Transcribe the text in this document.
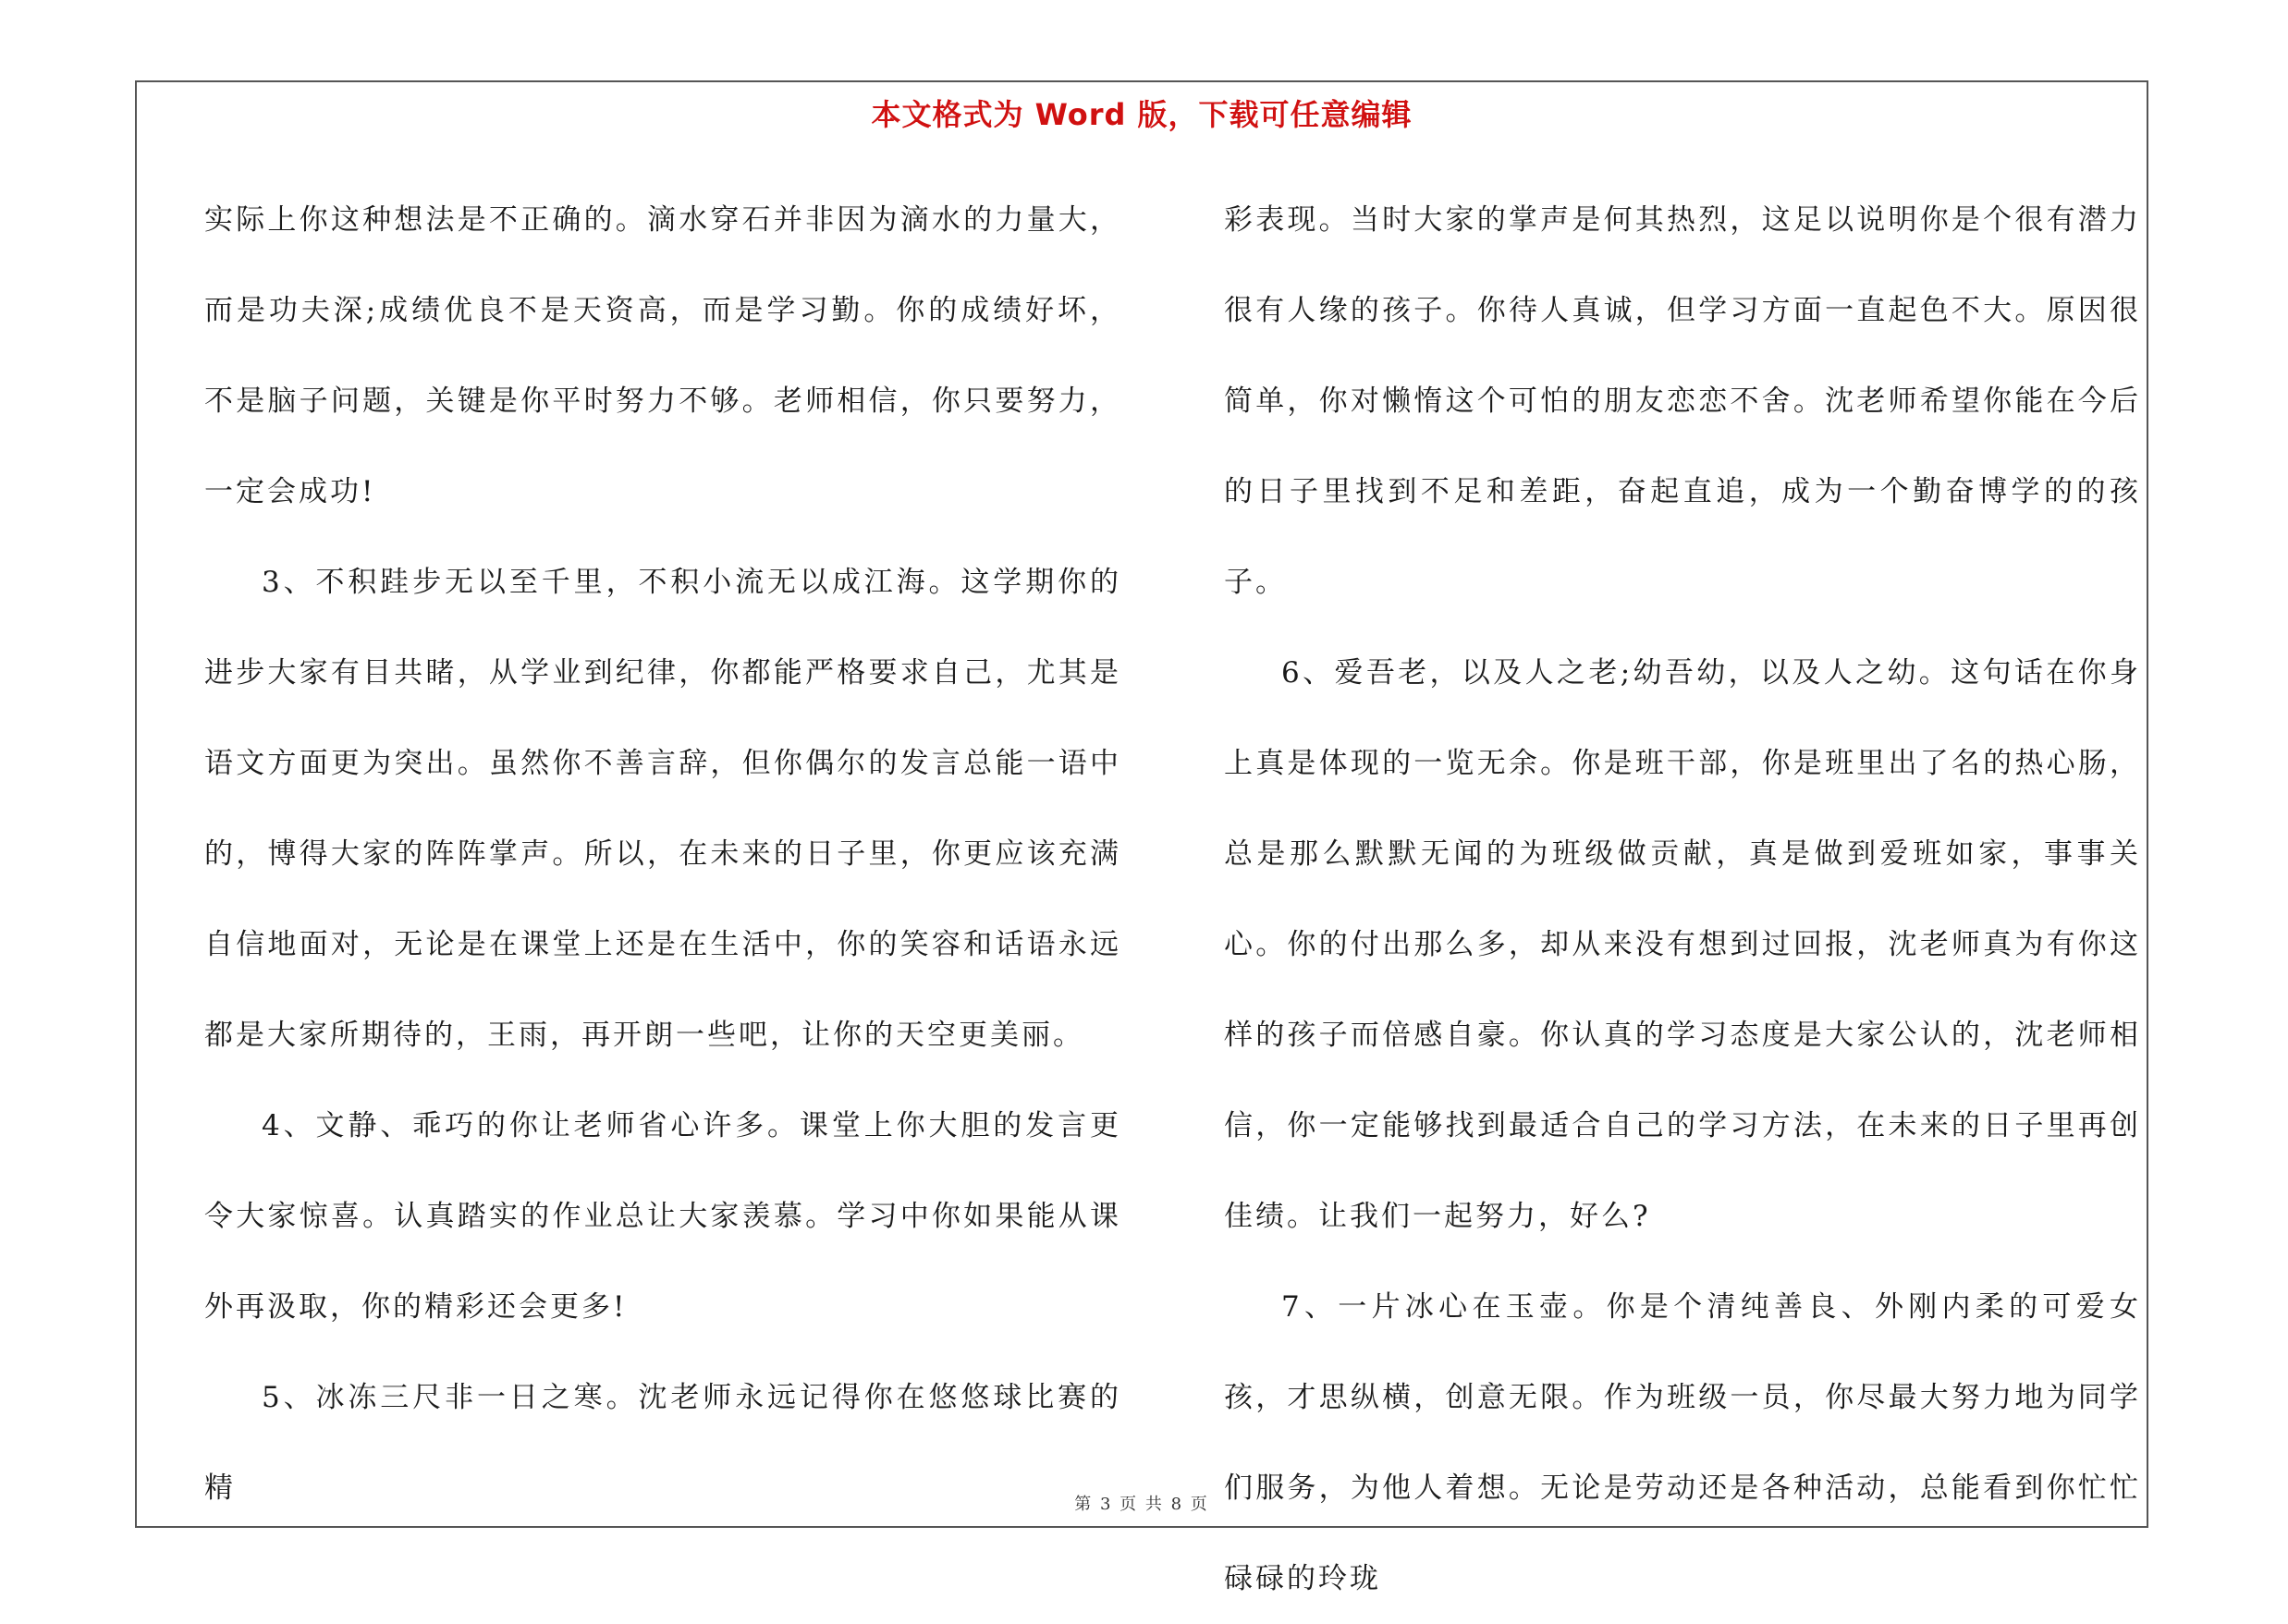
本文格式为 Word 版，下载可任意编辑

实际上你这种想法是不正确的。滴水穿石并非因为滴水的力量大，而是功夫深;成绩优良不是天资高，而是学习勤。你的成绩好坏，不是脑子问题，关键是你平时努力不够。老师相信，你只要努力，一定会成功!

3、不积跬步无以至千里，不积小流无以成江海。这学期你的进步大家有目共睹，从学业到纪律，你都能严格要求自己，尤其是语文方面更为突出。虽然你不善言辞，但你偶尔的发言总能一语中的，博得大家的阵阵掌声。所以，在未来的日子里，你更应该充满自信地面对，无论是在课堂上还是在生活中，你的笑容和话语永远都是大家所期待的，王雨，再开朗一些吧，让你的天空更美丽。

4、文静、乖巧的你让老师省心许多。课堂上你大胆的发言更令大家惊喜。认真踏实的作业总让大家羡慕。学习中你如果能从课外再汲取，你的精彩还会更多!

5、冰冻三尺非一日之寒。沈老师永远记得你在悠悠球比赛的精

彩表现。当时大家的掌声是何其热烈，这足以说明你是个很有潜力很有人缘的孩子。你待人真诚，但学习方面一直起色不大。原因很简单，你对懒惰这个可怕的朋友恋恋不舍。沈老师希望你能在今后的日子里找到不足和差距，奋起直追，成为一个勤奋博学的的孩子。

6、爱吾老，以及人之老;幼吾幼，以及人之幼。这句话在你身上真是体现的一览无余。你是班干部，你是班里出了名的热心肠，总是那么默默无闻的为班级做贡献，真是做到爱班如家，事事关心。你的付出那么多，却从来没有想到过回报，沈老师真为有你这样的孩子而倍感自豪。你认真的学习态度是大家公认的，沈老师相信，你一定能够找到最适合自己的学习方法，在未来的日子里再创佳绩。让我们一起努力，好么?

7、一片冰心在玉壶。你是个清纯善良、外刚内柔的可爱女孩，才思纵横，创意无限。作为班级一员，你尽最大努力地为同学们服务，为他人着想。无论是劳动还是各种活动，总能看到你忙忙碌碌的玲珑

第 3 页 共 8 页
